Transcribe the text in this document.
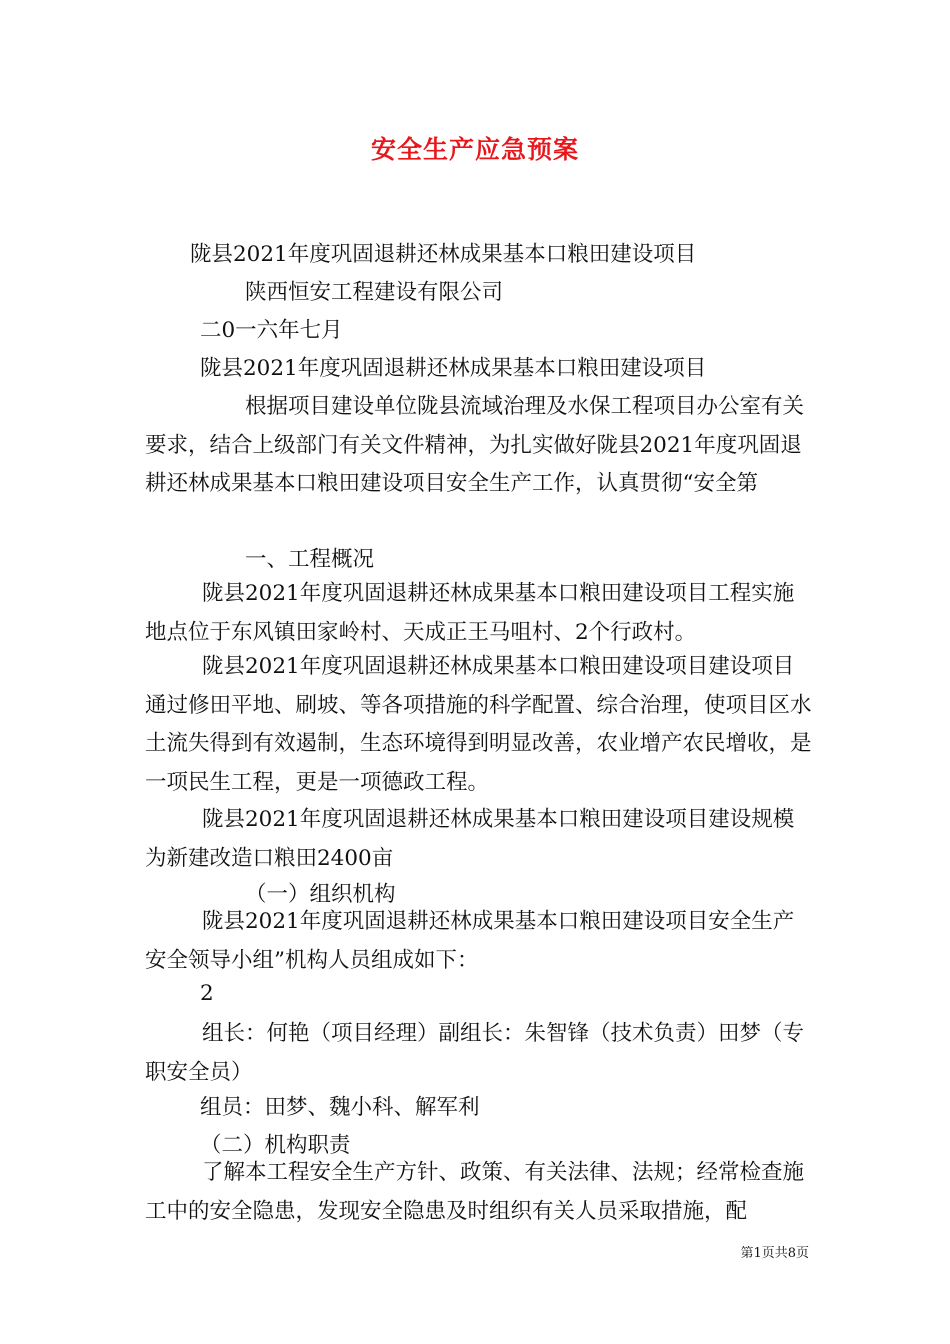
安全生产应急预案
陇县2021年度巩固退耕还林成果基本口粮田建设项目
陕西恒安工程建设有限公司
二0一六年七月
陇县2021年度巩固退耕还林成果基本口粮田建设项目
根据项目建设单位陇县流域治理及水保工程项目办公室有关要求，结合上级部门有关文件精神，为扎实做好陇县2021年度巩固退耕还林成果基本口粮田建设项目安全生产工作，认真贯彻“安全第
一、工程概况
陇县2021年度巩固退耕还林成果基本口粮田建设项目工程实施地点位于东风镇田家岭村、天成正王马咀村、2个行政村。
陇县2021年度巩固退耕还林成果基本口粮田建设项目建设项目通过修田平地、刷坡、等各项措施的科学配置、综合治理，使项目区水土流失得到有效遏制，生态环境得到明显改善，农业增产农民增收，是一项民生工程，更是一项德政工程。
陇县2021年度巩固退耕还林成果基本口粮田建设项目建设规模为新建改造口粮田2400亩
（一）组织机构
陇县2021年度巩固退耕还林成果基本口粮田建设项目安全生产安全领导小组”机构人员组成如下：
2
组长：何艳（项目经理）副组长：朱智锋（技术负责）田梦（专职安全员）
组员：田梦、魏小科、解军利
（二）机构职责
了解本工程安全生产方针、政策、有关法律、法规；经常检查施工中的安全隐患，发现安全隐患及时组织有关人员采取措施，配
第1页共8页
